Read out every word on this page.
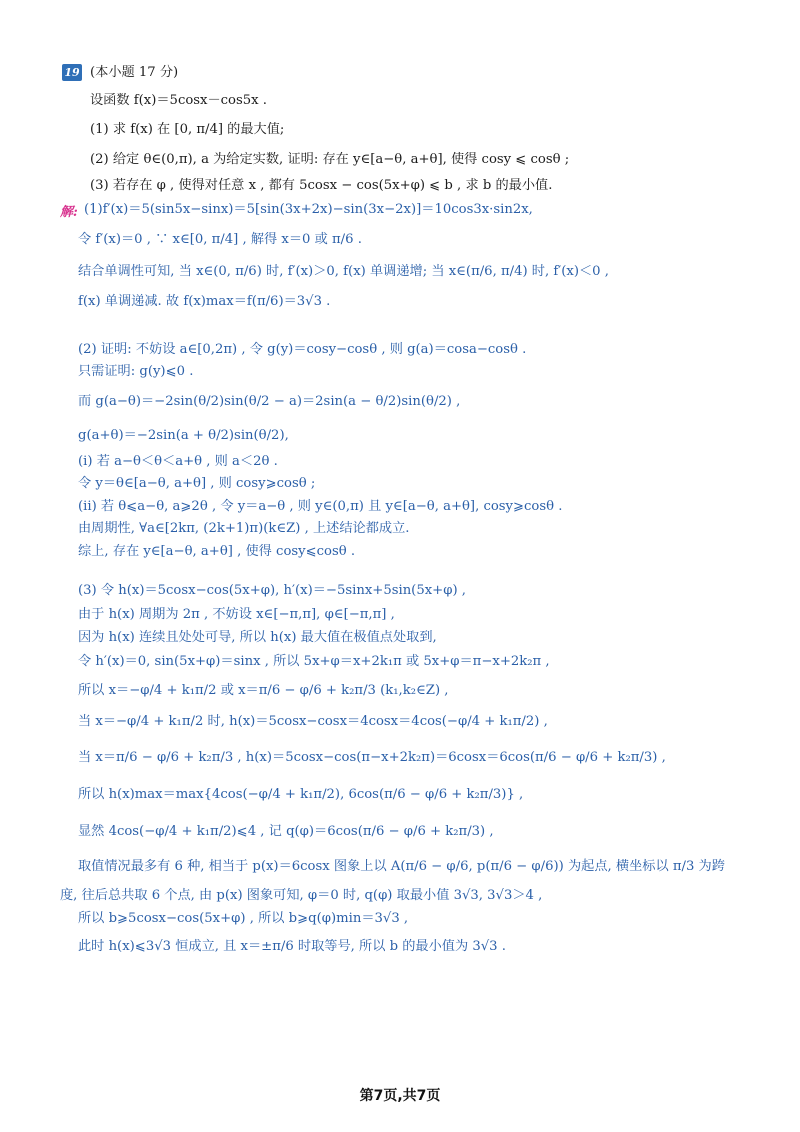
19 (本小题 17 分)
设函数 f(x)＝5cosx－cos5x .
(1) 求 f(x) 在 [0, π/4] 的最大值;
(2) 给定 θ∈(0,π), a 为给定实数, 证明: 存在 y∈[a−θ, a+θ], 使得 cosy ⩽ cosθ ;
(3) 若存在 φ , 使得对任意 x , 都有 5cosx − cos(5x+φ) ⩽ b , 求 b 的最小值.
解: (1)f′(x)＝5(sin5x−sinx)＝5[sin(3x+2x)−sin(3x−2x)]＝10cos3x·sin2x,
令 f′(x)＝0 , ∵ x∈[0, π/4] , 解得 x＝0 或 π/6 .
结合单调性可知, 当 x∈(0, π/6) 时, f′(x)＞0, f(x) 单调递增; 当 x∈(π/6, π/4) 时, f′(x)＜0 ,
f(x) 单调递减. 故 f(x)max＝f(π/6)＝3√3 .
(2) 证明: 不妨设 a∈[0,2π) , 令 g(y)＝cosy−cosθ , 则 g(a)＝cosa−cosθ .
只需证明: g(y)⩽0 .
而 g(a−θ)＝−2sin(θ/2)sin(θ/2 − a)＝2sin(a − θ/2)sin(θ/2) ,
g(a+θ)＝−2sin(a + θ/2)sin(θ/2),
(i) 若 a−θ＜θ＜a+θ , 则 a＜2θ .
令 y＝θ∈[a−θ, a+θ] , 则 cosy⩾cosθ ;
(ii) 若 θ⩽a−θ, a⩾2θ , 令 y＝a−θ , 则 y∈(0,π) 且 y∈[a−θ, a+θ], cosy⩾cosθ .
由周期性, ∀a∈[2kπ, (2k+1)π)(k∈Z) , 上述结论都成立.
综上, 存在 y∈[a−θ, a+θ] , 使得 cosy⩽cosθ .
(3) 令 h(x)＝5cosx−cos(5x+φ), h′(x)＝−5sinx+5sin(5x+φ) ,
由于 h(x) 周期为 2π , 不妨设 x∈[−π,π], φ∈[−π,π] ,
因为 h(x) 连续且处处可导, 所以 h(x) 最大值在极值点处取到,
令 h′(x)＝0, sin(5x+φ)＝sinx , 所以 5x+φ＝x+2k₁π 或 5x+φ＝π−x+2k₂π ,
所以 x＝−φ/4 + k₁π/2 或 x＝π/6 − φ/6 + k₂π/3 (k₁,k₂∈Z) ,
当 x＝−φ/4 + k₁π/2 时, h(x)＝5cosx−cosx＝4cosx＝4cos(−φ/4 + k₁π/2) ,
当 x＝π/6 − φ/6 + k₂π/3 , h(x)＝5cosx−cos(π−x+2k₂π)＝6cosx＝6cos(π/6 − φ/6 + k₂π/3) ,
所以 h(x)max＝max{4cos(−φ/4 + k₁π/2), 6cos(π/6 − φ/6 + k₂π/3)} ,
显然 4cos(−φ/4 + k₁π/2)⩽4 , 记 q(φ)＝6cos(π/6 − φ/6 + k₂π/3) ,
取值情况最多有 6 种, 相当于 p(x)＝6cosx 图象上以 A(π/6 − φ/6, p(π/6 − φ/6)) 为起点, 横坐标以 π/3 为跨
度, 往后总共取 6 个点, 由 p(x) 图象可知, φ＝0 时, q(φ) 取最小值 3√3, 3√3＞4 ,
所以 b⩾5cosx−cos(5x+φ) , 所以 b⩾q(φ)min＝3√3 ,
此时 h(x)⩽3√3 恒成立, 且 x＝±π/6 时取等号, 所以 b 的最小值为 3√3 .
第7页,共7页
